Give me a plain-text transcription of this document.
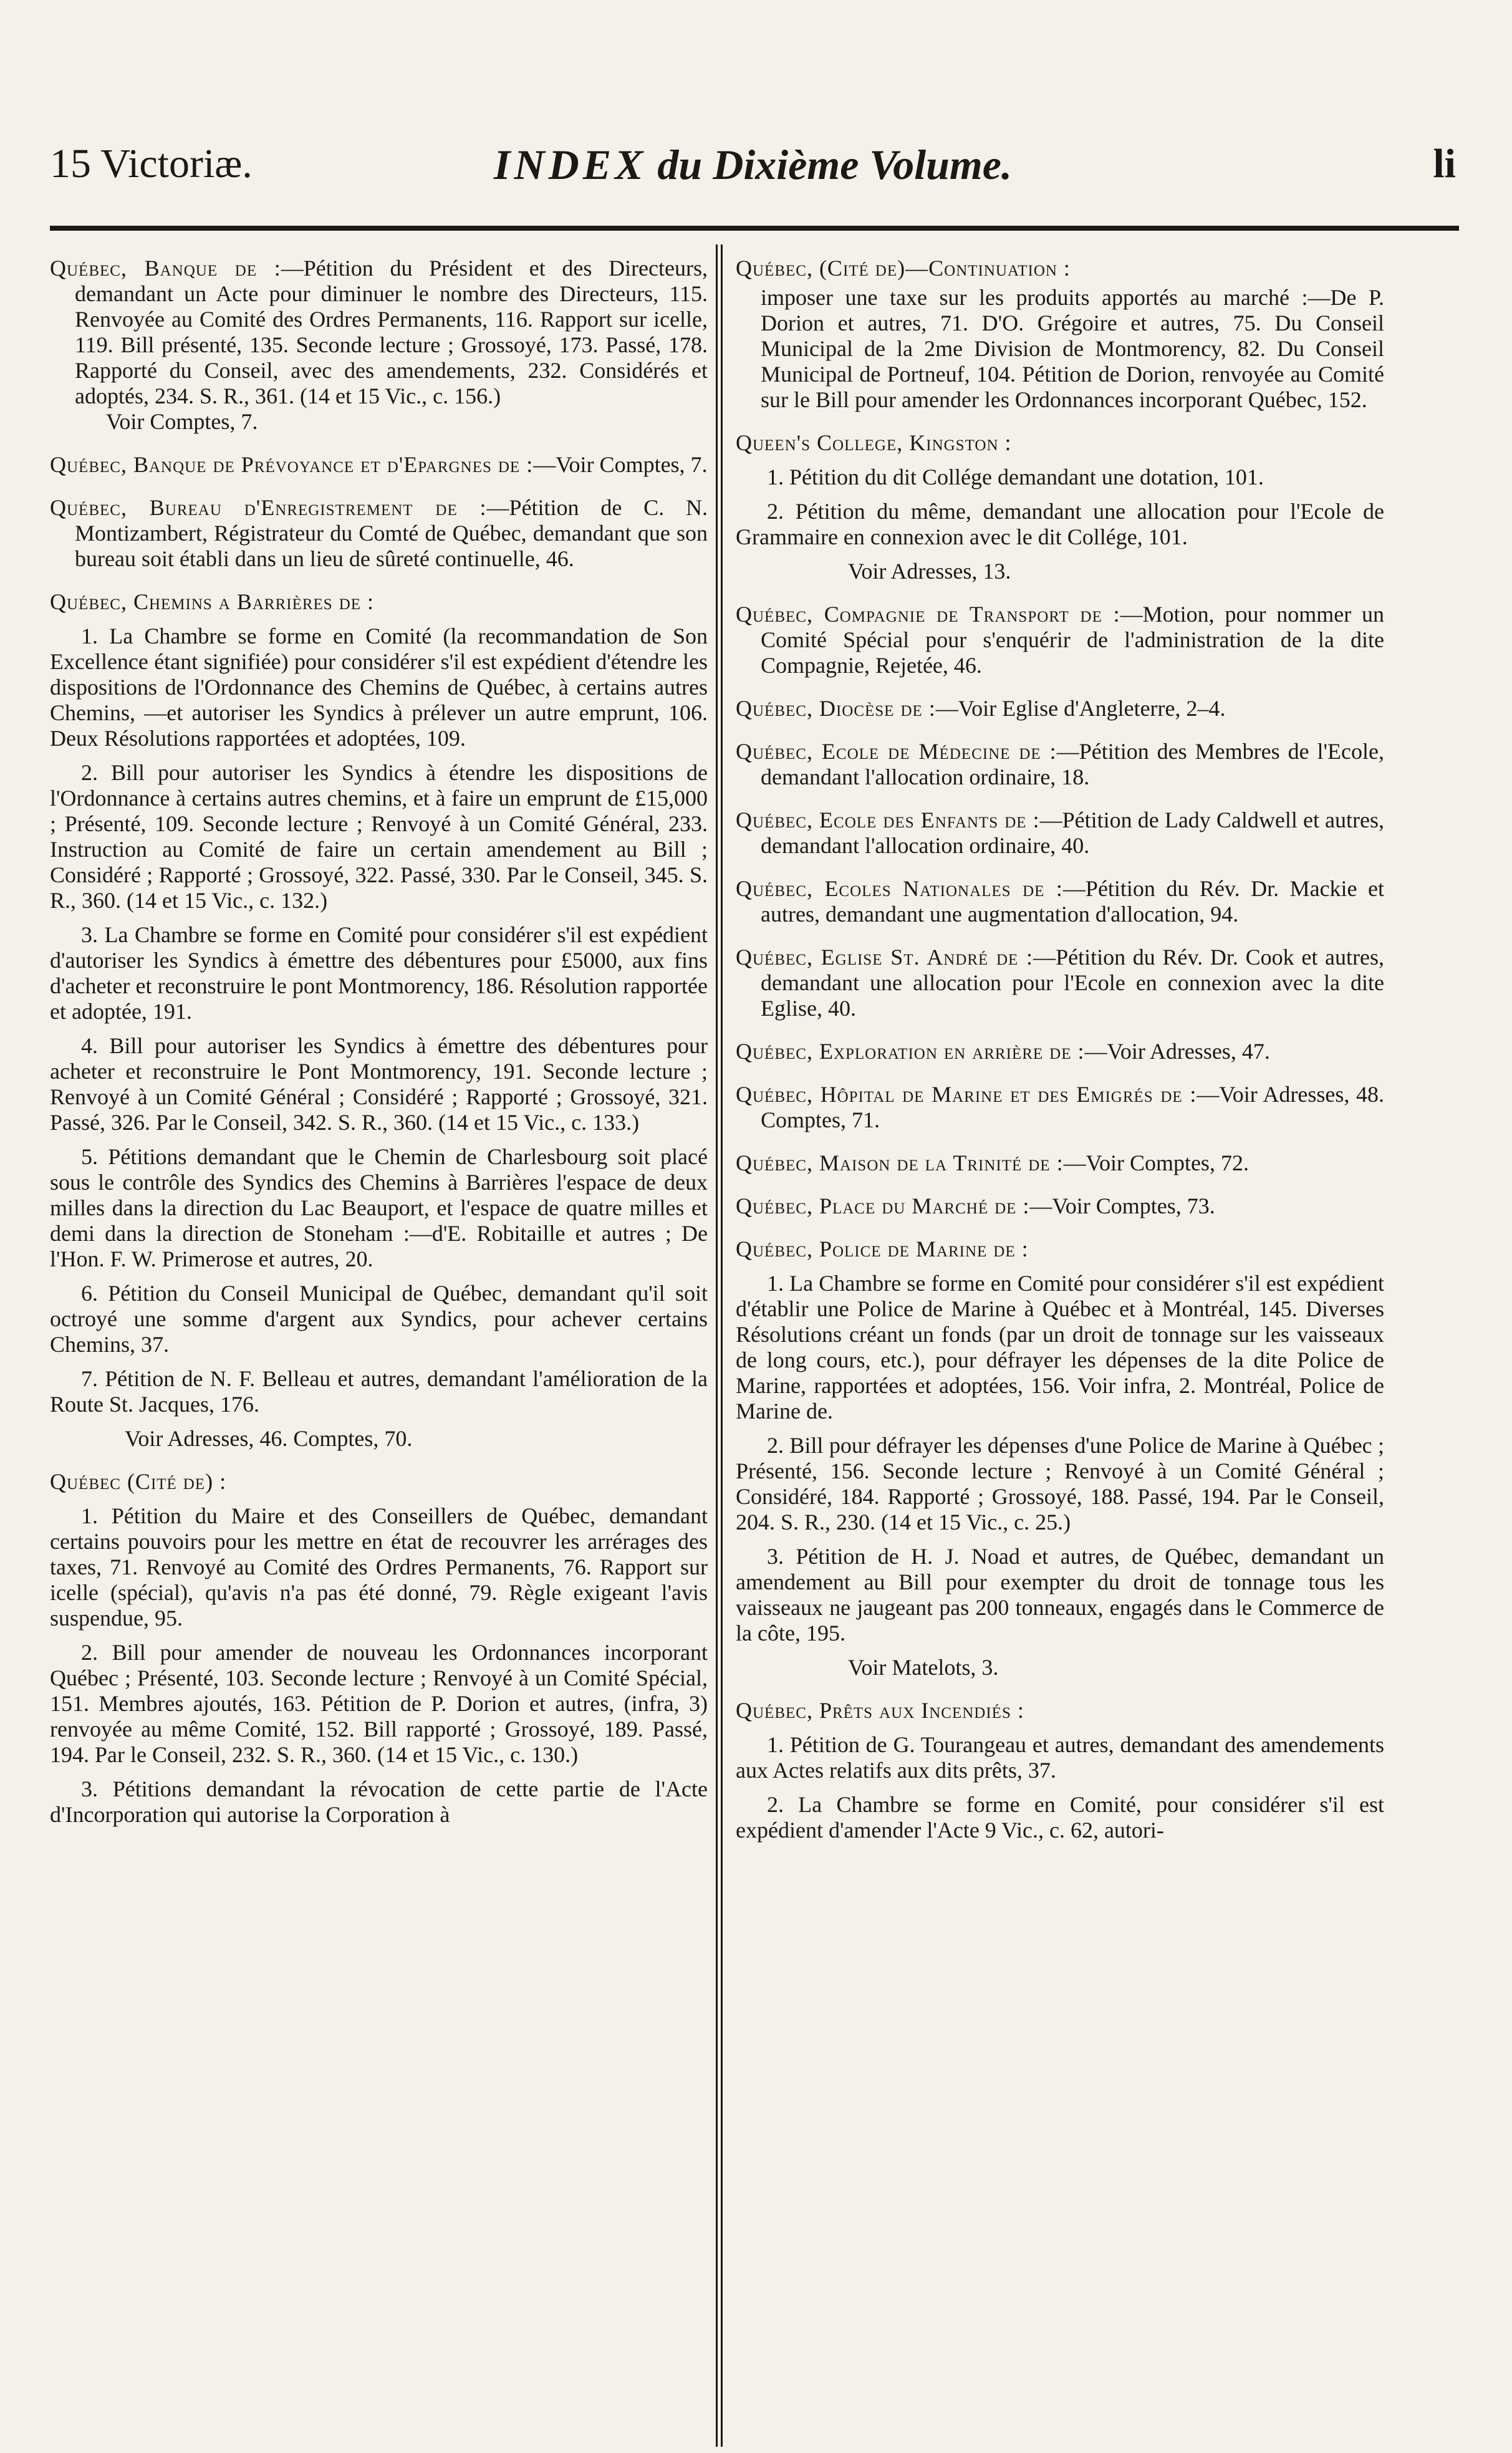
15 Victoriæ.	INDEX du Dixième Volume.	li
Québec, Banque de :—Pétition du Président et des Directeurs, demandant un Acte pour diminuer le nombre des Directeurs, 115. Renvoyée au Comité des Ordres Permanents, 116. Rapport sur icelle, 119. Bill présenté, 135. Seconde lecture ; Grossoyé, 173. Passé, 178. Rapporté du Conseil, avec des amendements, 232. Considérés et adoptés, 234. S. R., 361. (14 et 15 Vic., c. 156.)
Voir Comptes, 7.
Québec, Banque de Prévoyance et d'Epargnes de :—Voir Comptes, 7.
Québec, Bureau d'Enregistrement de :—Pétition de C. N. Montizambert, Régistrateur du Comté de Québec, demandant que son bureau soit établi dans un lieu de sûreté continuelle, 46.
Québec, Chemins a Barrières de :
1. La Chambre se forme en Comité (la recommandation de Son Excellence étant signifiée) pour considérer s'il est expédient d'étendre les dispositions de l'Ordonnance des Chemins de Québec, à certains autres Chemins, —et autoriser les Syndics à prélever un autre emprunt, 106. Deux Résolutions rapportées et adoptées, 109.
2. Bill pour autoriser les Syndics à étendre les dispositions de l'Ordonnance à certains autres chemins, et à faire un emprunt de £15,000 ; Présenté, 109. Seconde lecture ; Renvoyé à un Comité Général, 233. Instruction au Comité de faire un certain amendement au Bill ; Considéré ; Rapporté ; Grossoyé, 322. Passé, 330. Par le Conseil, 345. S. R., 360. (14 et 15 Vic., c. 132.)
3. La Chambre se forme en Comité pour considérer s'il est expédient d'autoriser les Syndics à émettre des débentures pour £5000, aux fins d'acheter et reconstruire le pont Montmorency, 186. Résolution rapportée et adoptée, 191.
4. Bill pour autoriser les Syndics à émettre des débentures pour acheter et reconstruire le Pont Montmorency, 191. Seconde lecture ; Renvoyé à un Comité Général ; Considéré ; Rapporté ; Grossoyé, 321. Passé, 326. Par le Conseil, 342. S. R., 360. (14 et 15 Vic., c. 133.)
5. Pétitions demandant que le Chemin de Charlesbourg soit placé sous le contrôle des Syndics des Chemins à Barrières l'espace de deux milles dans la direction du Lac Beauport, et l'espace de quatre milles et demi dans la direction de Stoneham :—d'E. Robitaille et autres ; De l'Hon. F. W. Primerose et autres, 20.
6. Pétition du Conseil Municipal de Québec, demandant qu'il soit octroyé une somme d'argent aux Syndics, pour achever certains Chemins, 37.
7. Pétition de N. F. Belleau et autres, demandant l'amélioration de la Route St. Jacques, 176.
Voir Adresses, 46. Comptes, 70.
Québec (Cité de) :
1. Pétition du Maire et des Conseillers de Québec, demandant certains pouvoirs pour les mettre en état de recouvrer les arrérages des taxes, 71. Renvoyé au Comité des Ordres Permanents, 76. Rapport sur icelle (spécial), qu'avis n'a pas été donné, 79. Règle exigeant l'avis suspendue, 95.
2. Bill pour amender de nouveau les Ordonnances incorporant Québec ; Présenté, 103. Seconde lecture ; Renvoyé à un Comité Spécial, 151. Membres ajoutés, 163. Pétition de P. Dorion et autres, (infra, 3) renvoyée au même Comité, 152. Bill rapporté ; Grossoyé, 189. Passé, 194. Par le Conseil, 232. S. R., 360. (14 et 15 Vic., c. 130.)
3. Pétitions demandant la révocation de cette partie de l'Acte d'Incorporation qui autorise la Corporation à
Québec, (Cité de)—Continuation :
imposer une taxe sur les produits apportés au marché :—De P. Dorion et autres, 71. D'O. Grégoire et autres, 75. Du Conseil Municipal de la 2me Division de Montmorency, 82. Du Conseil Municipal de Portneuf, 104. Pétition de Dorion, renvoyée au Comité sur le Bill pour amender les Ordonnances incorporant Québec, 152.
Queen's College, Kingston :
1. Pétition du dit Collége demandant une dotation, 101.
2. Pétition du même, demandant une allocation pour l'Ecole de Grammaire en connexion avec le dit Collége, 101.
Voir Adresses, 13.
Québec, Compagnie de Transport de :—Motion, pour nommer un Comité Spécial pour s'enquérir de l'administration de la dite Compagnie, Rejetée, 46.
Québec, Diocèse de :—Voir Eglise d'Angleterre, 2–4.
Québec, Ecole de Médecine de :—Pétition des Membres de l'Ecole, demandant l'allocation ordinaire, 18.
Québec, Ecole des Enfants de :—Pétition de Lady Caldwell et autres, demandant l'allocation ordinaire, 40.
Québec, Ecoles Nationales de :—Pétition du Rév. Dr. Mackie et autres, demandant une augmentation d'allocation, 94.
Québec, Eglise St. André de :—Pétition du Rév. Dr. Cook et autres, demandant une allocation pour l'Ecole en connexion avec la dite Eglise, 40.
Québec, Exploration en arrière de :—Voir Adresses, 47.
Québec, Hôpital de Marine et des Emigrés de :—Voir Adresses, 48. Comptes, 71.
Québec, Maison de la Trinité de :—Voir Comptes, 72.
Québec, Place du Marché de :—Voir Comptes, 73.
Québec, Police de Marine de :
1. La Chambre se forme en Comité pour considérer s'il est expédient d'établir une Police de Marine à Québec et à Montréal, 145. Diverses Résolutions créant un fonds (par un droit de tonnage sur les vaisseaux de long cours, etc.), pour défrayer les dépenses de la dite Police de Marine, rapportées et adoptées, 156. Voir infra, 2. Montréal, Police de Marine de.
2. Bill pour défrayer les dépenses d'une Police de Marine à Québec ; Présenté, 156. Seconde lecture ; Renvoyé à un Comité Général ; Considéré, 184. Rapporté ; Grossoyé, 188. Passé, 194. Par le Conseil, 204. S. R., 230. (14 et 15 Vic., c. 25.)
3. Pétition de H. J. Noad et autres, de Québec, demandant un amendement au Bill pour exempter du droit de tonnage tous les vaisseaux ne jaugeant pas 200 tonneaux, engagés dans le Commerce de la côte, 195.
Voir Matelots, 3.
Québec, Prêts aux Incendiés :
1. Pétition de G. Tourangeau et autres, demandant des amendements aux Actes relatifs aux dits prêts, 37.
2. La Chambre se forme en Comité, pour considérer s'il est expédient d'amender l'Acte 9 Vic., c. 62, autori-
